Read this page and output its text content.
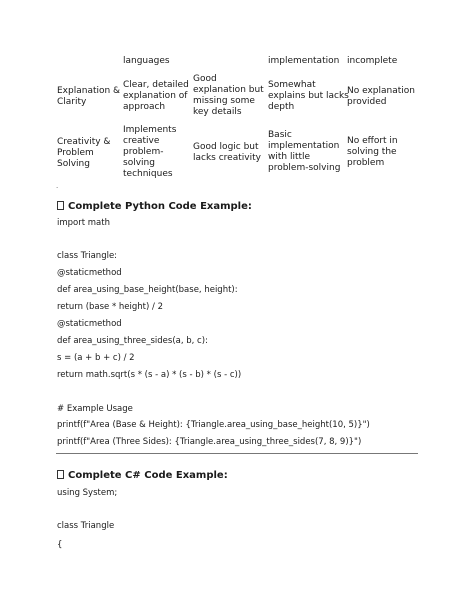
languages	implementation incomplete
Explanation &
Clarity
Clear, detailed
explanation of
approach
Good
explanation but
missing some
key details
Somewhat
explains but lacks
depth
No explanation
provided
Creativity &
Problem
Solving
Implements
creative
problem-
solving
techniques
Good logic but
lacks creativity
Basic
implementation
with little
problem-solving
No effort in
solving the
problem
.
Complete Python Code Example:
import math
class Triangle:
@staticmethod
def area_using_base_height(base, height):
return (base * height) / 2
@staticmethod
def area_using_three_sides(a, b, c):
s = (a + b + c) / 2
return math.sqrt(s * (s - a) * (s - b) * (s - c))
# Example Usage
printf(f"Area (Base & Height): {Triangle.area_using_base_height(10, 5)}")
printf(f"Area (Three Sides): {Triangle.area_using_three_sides(7, 8, 9)}")
Complete C# Code Example:
using System;
class Triangle
{
